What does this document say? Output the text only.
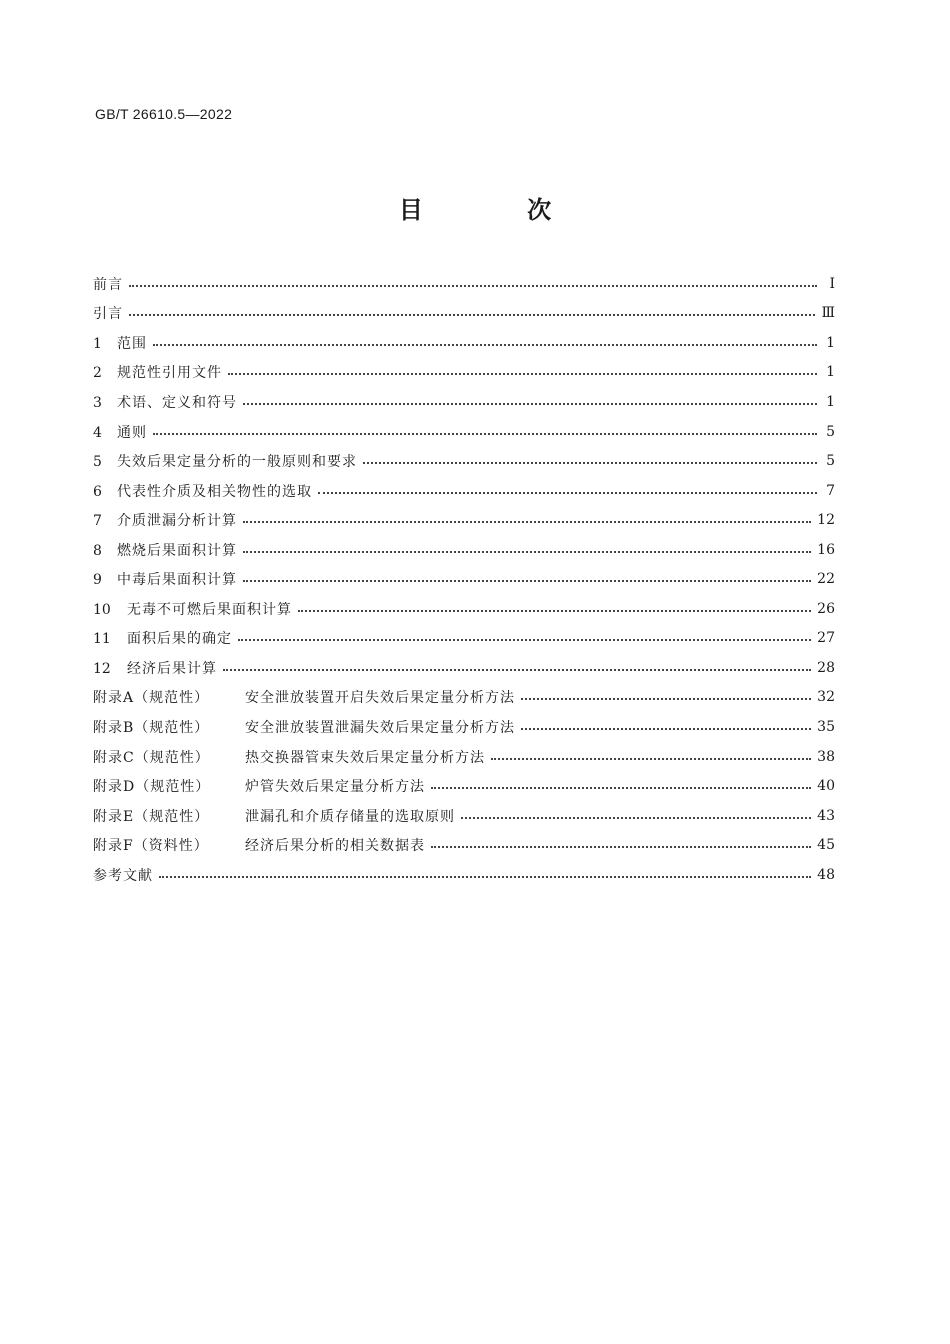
GB/T 26610.5—2022
目 次
前言	Ⅰ
引言	Ⅲ
1 范围	1
2 规范性引用文件	1
3 术语、定义和符号	1
4 通则	5
5 失效后果定量分析的一般原则和要求	5
6 代表性介质及相关物性的选取	7
7 介质泄漏分析计算	12
8 燃烧后果面积计算	16
9 中毒后果面积计算	22
10 无毒不可燃后果面积计算	26
11 面积后果的确定	27
12 经济后果计算	28
附录A（规范性）	安全泄放装置开启失效后果定量分析方法	32
附录B（规范性）	安全泄放装置泄漏失效后果定量分析方法	35
附录C（规范性）	热交换器管束失效后果定量分析方法	38
附录D（规范性） 炉管失效后果定量分析方法	40
附录E（规范性）	泄漏孔和介质存储量的选取原则	43
附录F（资料性）	经济后果分析的相关数据表	45
参考文献	48
